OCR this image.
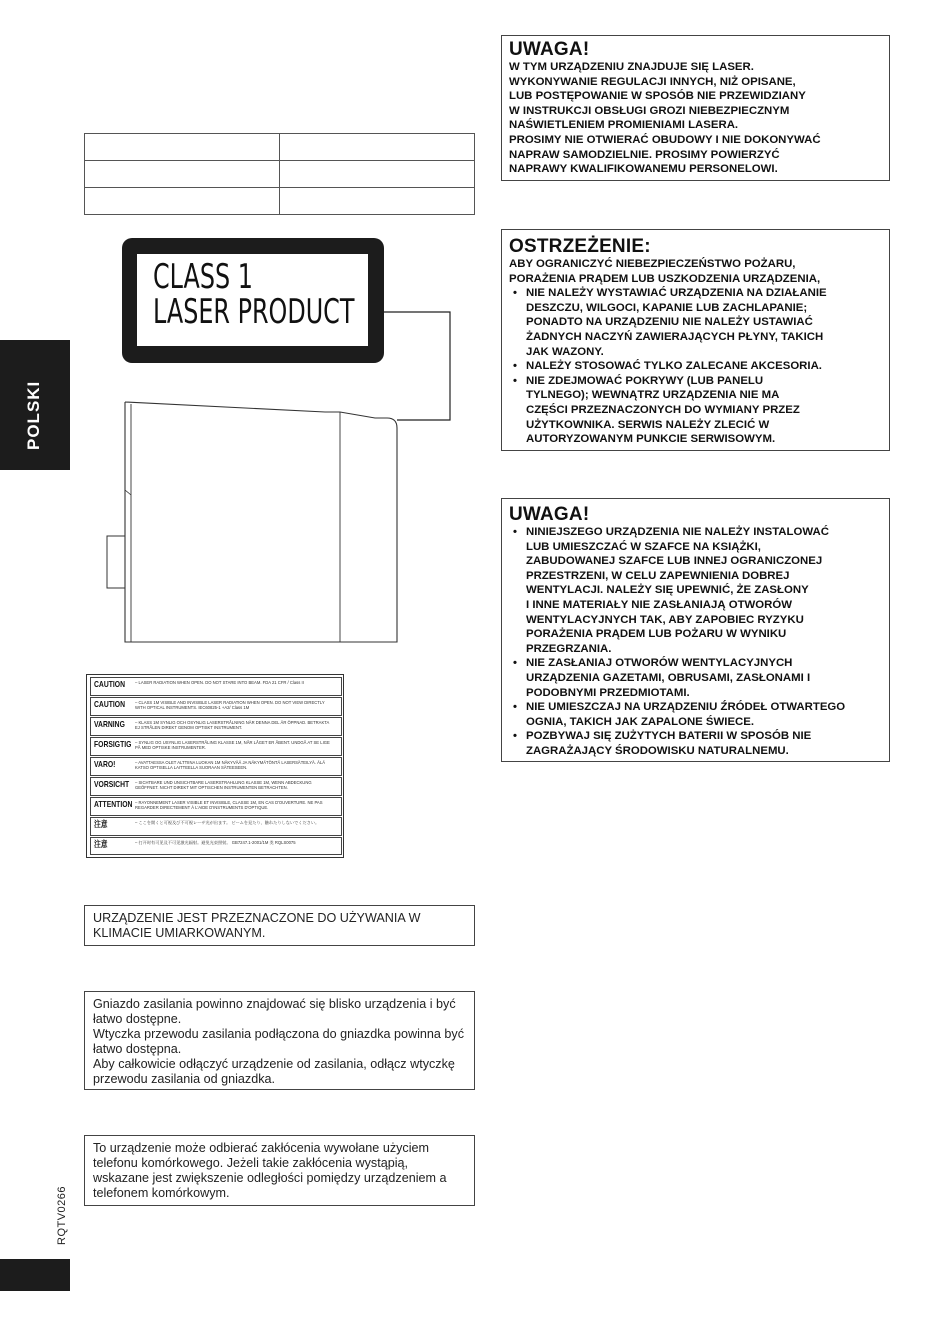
POLSKI
RQTV0266

CLASS 1
LASER PRODUCT
CAUTION – LASER RADIATION WHEN OPEN. DO NOT STARE INTO BEAM. FDA 21 CFR / Class II
CAUTION – CLASS 1M VISIBLE AND INVISIBLE LASER RADIATION WHEN OPEN. DO NOT VIEW DIRECTLY WITH OPTICAL INSTRUMENTS. IEC60825-1 +A2/ Class 1M
VARNING – KLASS 1M SYNLIG OCH OSYNLIG LASERSTRÅLNING NÄR DENNA DEL ÄR ÖPPNAD. BETRAKTA EJ STRÅLEN DIREKT GENOM OPTISKT INSTRUMENT.
FORSIGTIG – SYNLIG OG USYNLIG LASERSTRÅLING KLASSE 1M, NÅR LÅGET ER ÅBENT. UNDGÅ AT SE LIGE PÅ MED OPTISKE INSTRUMENTER.
VARO!	– AVATTAESSA OLET ALTTIINA LUOKAN 1M NÄKYVÄÄ JA NÄKYMÄTÖNTÄ LASERSÄTEILYÄ. ÄLÄ KATSO OPTISELLA LAITTEELLA SUORAAN SÄTEESEEN.
VORSICHT – SICHTBARE UND UNSICHTBARE LASERSTRAHLUNG KLASSE 1M, WENN ABDECKUNG GEÖFFNET. NICHT DIREKT MIT OPTISCHEN INSTRUMENTEN BETRACHTEN.
ATTENTION – RAYONNEMENT LASER VISIBLE ET INVISIBLE, CLASSE 1M, EN CAS D'OUVERTURE. NE PAS REGARDER DIRECTEMENT À L'AIDE D'INSTRUMENTS D'OPTIQUE.
注意	– ここを開くと可視及び不可視レーザ光が出ます。 ビームを見たり、触れたりしないでください。
注意	– 打开时有可见及不可见激光辐射。避免光束照射。 GB7247.1-2001/1M 类 RQLS0075
URZĄDZENIE JEST PRZEZNACZONE DO UŻYWANIA W KLIMACIE UMIARKOWANYM.
Gniazdo zasilania powinno znajdować się blisko urządzenia i być łatwo dostępne.
Wtyczka przewodu zasilania podłączona do gniazdka powinna być łatwo dostępna.
Aby całkowicie odłączyć urządzenie od zasilania, odłącz wtyczkę przewodu zasilania od gniazdka.
To urządzenie może odbierać zakłócenia wywołane użyciem telefonu komórkowego. Jeżeli takie zakłócenia wystąpią, wskazane jest zwiększenie odległości pomiędzy urządzeniem a telefonem komórkowym.
UWAGA!
W TYM URZĄDZENIU ZNAJDUJE SIĘ LASER.
WYKONYWANIE REGULACJI INNYCH, NIŻ OPISANE,
LUB POSTĘPOWANIE W SPOSÓB NIE PRZEWIDZIANY
W INSTRUKCJI OBSŁUGI GROZI NIEBEZPIECZNYM
NAŚWIETLENIEM PROMIENIAMI LASERA.
PROSIMY NIE OTWIERAĆ OBUDOWY I NIE DOKONYWAĆ
NAPRAW SAMODZIELNIE. PROSIMY POWIERZYĆ
NAPRAWY KWALIFIKOWANEMU PERSONELOWI.
OSTRZEŻENIE:
ABY OGRANICZYĆ NIEBEZPIECZEŃSTWO POŻARU,
PORAŻENIA PRĄDEM LUB USZKODZENIA URZĄDZENIA,
• NIE NALEŻY WYSTAWIAĆ URZĄDZENIA NA DZIAŁANIE
DESZCZU, WILGOCI, KAPANIE LUB ZACHLAPANIE;
PONADTO NA URZĄDZENIU NIE NALEŻY USTAWIAĆ
ŻADNYCH NACZYŃ ZAWIERAJĄCYCH PŁYNY, TAKICH
JAK WAZONY.
• NALEŻY STOSOWAĆ TYLKO ZALECANE AKCESORIA.
• NIE ZDEJMOWAĆ POKRYWY (LUB PANELU
TYLNEGO); WEWNĄTRZ URZĄDZENIA NIE MA
CZĘŚCI PRZEZNACZONYCH DO WYMIANY PRZEZ
UŻYTKOWNIKA. SERWIS NALEŻY ZLECIĆ W
AUTORYZOWANYM PUNKCIE SERWISOWYM.
UWAGA!
• NINIEJSZEGO URZĄDZENIA NIE NALEŻY INSTALOWAĆ
LUB UMIESZCZAĆ W SZAFCE NA KSIĄŻKI,
ZABUDOWANEJ SZAFCE LUB INNEJ OGRANICZONEJ
PRZESTRZENI, W CELU ZAPEWNIENIA DOBREJ
WENTYLACJI. NALEŻY SIĘ UPEWNIĆ, ŻE ZASŁONY
I INNE MATERIAŁY NIE ZASŁANIAJĄ OTWORÓW
WENTYLACYJNYCH TAK, ABY ZAPOBIEC RYZYKU
PORAŻENIA PRĄDEM LUB POŻARU W WYNIKU
PRZEGRZANIA.
• NIE ZASŁANIAJ OTWORÓW WENTYLACYJNYCH
URZĄDZENIA GAZETAMI, OBRUSAMI, ZASŁONAMI I
PODOBNYMI PRZEDMIOTAMI.
• NIE UMIESZCZAJ NA URZĄDZENIU ŹRÓDEŁ OTWARTEGO
OGNIA, TAKICH JAK ZAPALONE ŚWIECE.
• POZBYWAJ SIĘ ZUŻYTYCH BATERII W SPOSÓB NIE
ZAGRAŻAJĄCY ŚRODOWISKU NATURALNEMU.
